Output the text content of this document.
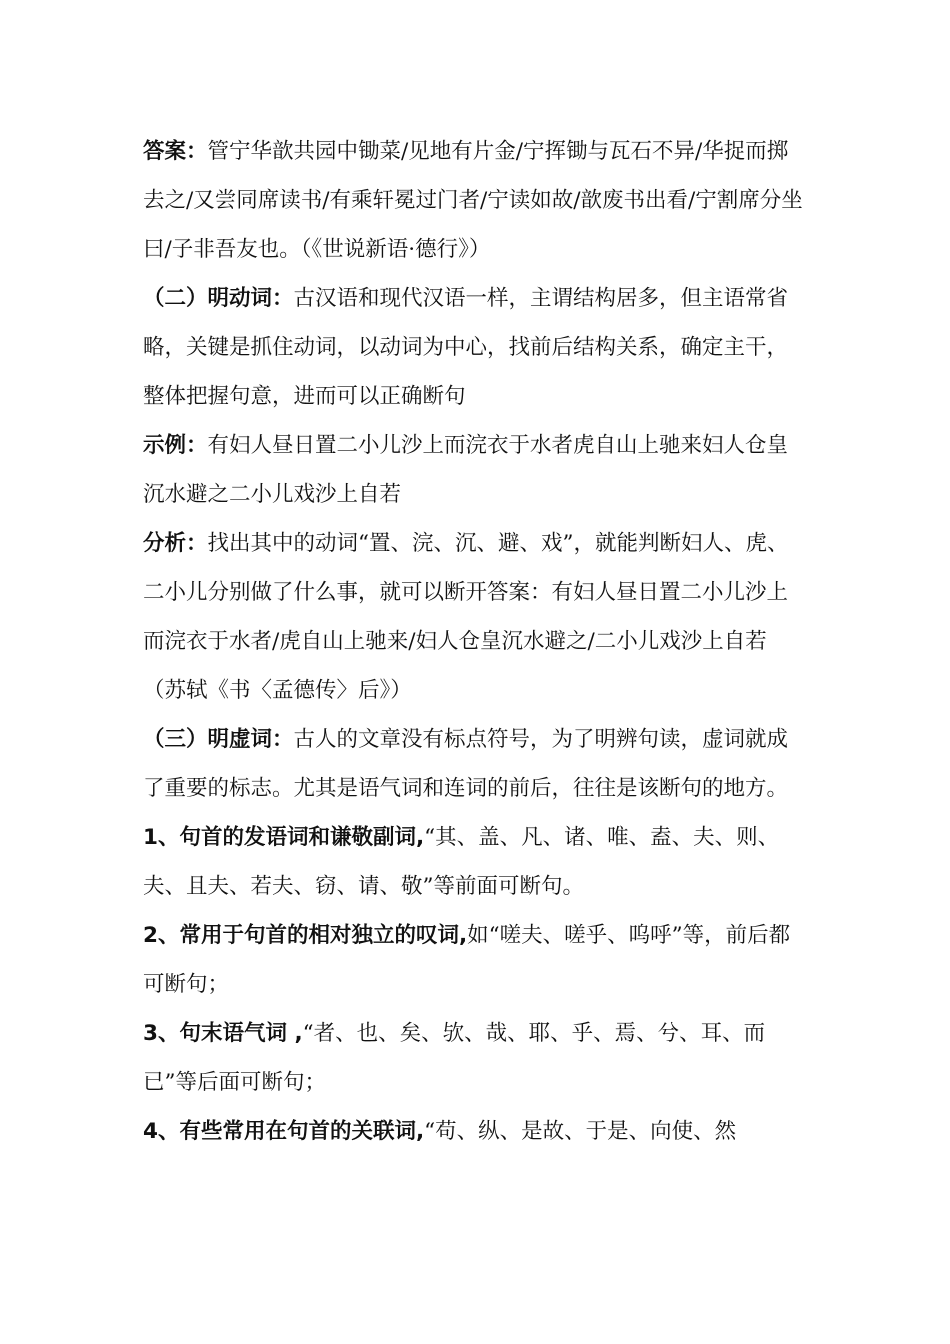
答案：管宁华歆共园中锄菜/见地有片金/宁挥锄与瓦石不异/华捉而掷去之/又尝同席读书/有乘轩冕过门者/宁读如故/歆废书出看/宁割席分坐曰/子非吾友也。（《世说新语·德行》）

（二）明动词：古汉语和现代汉语一样，主谓结构居多，但主语常省略，关键是抓住动词，以动词为中心，找前后结构关系，确定主干，整体把握句意，进而可以正确断句

示例：有妇人昼日置二小儿沙上而浣衣于水者虎自山上驰来妇人仓皇沉水避之二小儿戏沙上自若

分析：找出其中的动词“置、浣、沉、避、戏”，就能判断妇人、虎、二小儿分别做了什么事，就可以断开答案：有妇人昼日置二小儿沙上而浣衣于水者/虎自山上驰来/妇人仓皇沉水避之/二小儿戏沙上自若（苏轼《书〈孟德传〉后》）

（三）明虚词：古人的文章没有标点符号，为了明辨句读，虚词就成了重要的标志。尤其是语气词和连词的前后，往往是该断句的地方。

1、句首的发语词和谦敬副词,“其、盖、凡、诸、唯、盍、夫、则、夫、且夫、若夫、窃、请、敬”等前面可断句。

2、常用于句首的相对独立的叹词,如“嗟夫、嗟乎、呜呼”等，前后都可断句；

3、句末语气词 ,“者、也、矣、欤、哉、耶、乎、焉、兮、耳、而已”等后面可断句；

4、有些常用在句首的关联词,“苟、纵、是故、于是、向使、然
